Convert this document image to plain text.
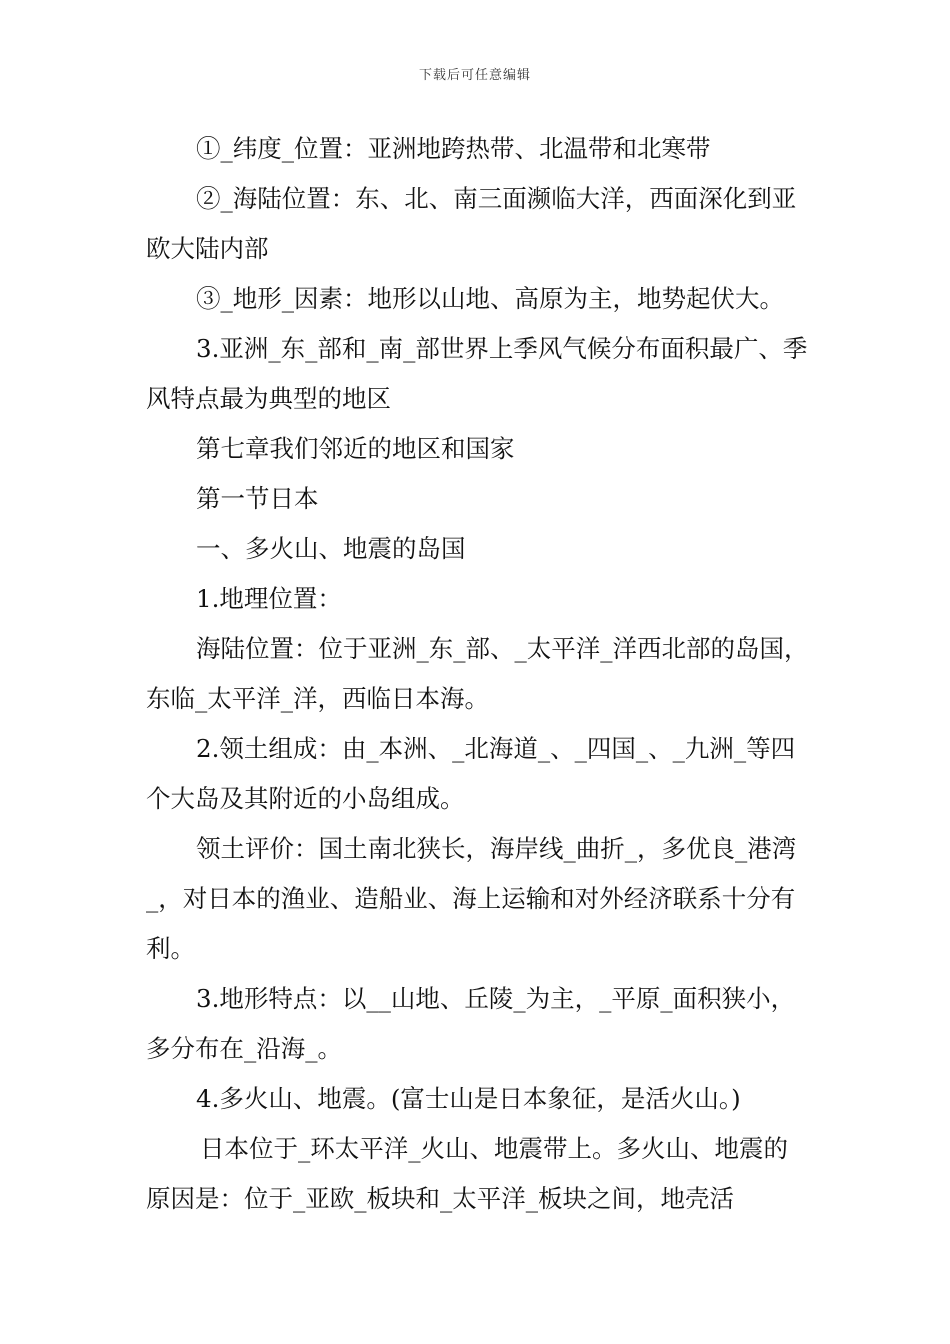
下载后可任意编辑

①_纬度_位置：亚洲地跨热带、北温带和北寒带

②_海陆位置：东、北、南三面濒临大洋，西面深化到亚欧大陆内部

③_地形_因素：地形以山地、高原为主，地势起伏大。

3.亚洲_东_部和_南_部世界上季风气候分布面积最广、季风特点最为典型的地区

第七章我们邻近的地区和国家

第一节日本

一、多火山、地震的岛国

1.地理位置：

海陆位置：位于亚洲_东_部、_太平洋_洋西北部的岛国，东临_太平洋_洋，西临日本海。

2.领土组成：由_本洲、_北海道_、_四国_、_九洲_等四个大岛及其附近的小岛组成。

领土评价：国土南北狭长，海岸线_曲折_，多优良_港湾_，对日本的渔业、造船业、海上运输和对外经济联系十分有利。

3.地形特点：以__山地、丘陵_为主，_平原_面积狭小，多分布在_沿海_。

4.多火山、地震。(富士山是日本象征，是活火山。)

日本位于_环太平洋_火山、地震带上。多火山、地震的原因是：位于_亚欧_板块和_太平洋_板块之间，地壳活
